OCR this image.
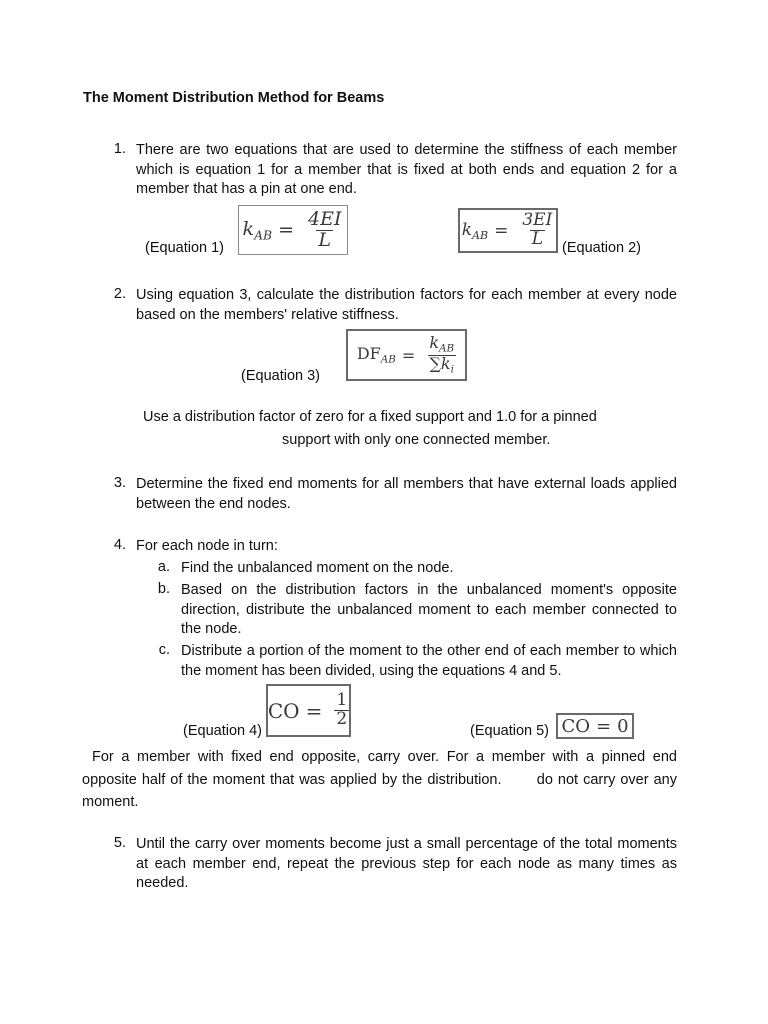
The Moment Distribution Method for Beams
1. There are two equations that are used to determine the stiffness of each member which is equation 1 for a member that is fixed at both ends and equation 2 for a member that has a pin at one end.
(Equation 1)
$k_{AB} = \frac{4EI}{L}$	$k_{AB} = \frac{3EI}{L}$ (Equation 2)
2. Using equation 3, calculate the distribution factors for each member at every node based on the members' relative stiffness.
(Equation 3)
$DF_{AB} = \frac{k_{AB}}{\sum k_i}$
Use a distribution factor of zero for a fixed support and 1.0 for a pinned
support with only one connected member.
3. Determine the fixed end moments for all members that have external loads applied between the end nodes.
4. For each node in turn:
a. Find the unbalanced moment on the node.
b. Based on the distribution factors in the unbalanced moment's opposite direction, distribute the unbalanced moment to each member connected to the node.
c. Distribute a portion of the moment to the other end of each member to which the moment has been divided, using the equations 4 and 5.
(Equation 4)
CO = $\frac{1}{2}$
(Equation 5) CO = 0
For a member with fixed end opposite, carry over. For a member with a pinned end opposite half of the moment that was applied by the distribution. do not carry over any moment.
5. Until the carry over moments become just a small percentage of the total moments at each member end, repeat the previous step for each node as many times as needed.
